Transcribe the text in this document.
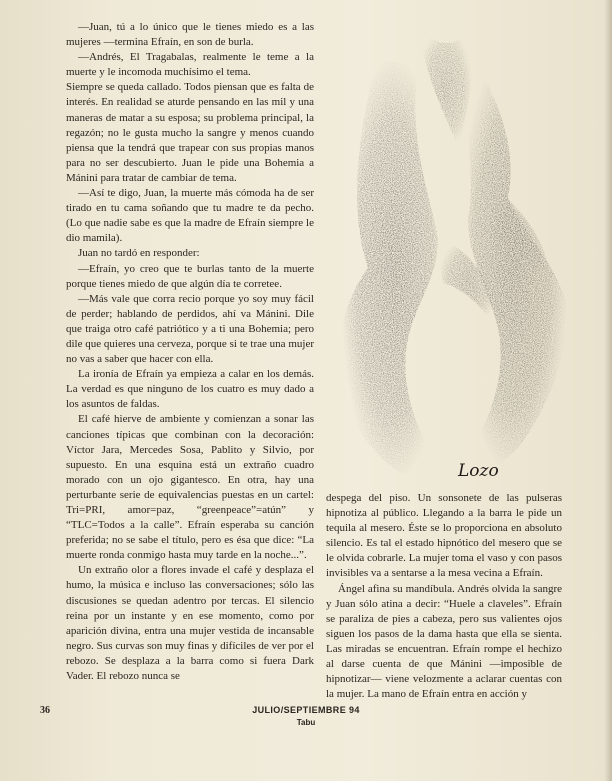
—Juan, tú a lo único que le tienes miedo es a las mujeres —termina Efraín, en son de burla.

—Andrés, El Tragabalas, realmente le teme a la muerte y le incomoda muchísimo el tema.

Siempre se queda callado. Todos piensan que es falta de interés. En realidad se aturde pensando en las mil y una maneras de matar a su esposa; su problema principal, la regazón; no le gusta mucho la sangre y menos cuando piensa que la tendrá que trapear con sus propias manos para no ser descubierto. Juan le pide una Bohemia a Mánini para tratar de cambiar de tema.

—Así te digo, Juan, la muerte más cómoda ha de ser tirado en tu cama soñando que tu madre te da pecho. (Lo que nadie sabe es que la madre de Efraín siempre le dio mamila).

Juan no tardó en responder:

—Efraín, yo creo que te burlas tanto de la muerte porque tienes miedo de que algún día te corretee.

—Más vale que corra recio porque yo soy muy fácil de perder; hablando de perdidos, ahí va Mánini. Dile que traiga otro café patriótico y a ti una Bohemia; pero dile que quieres una cerveza, porque si te trae una mujer no vas a saber que hacer con ella.

La ironía de Efraín ya empieza a calar en los demás. La verdad es que ninguno de los cuatro es muy dado a los asuntos de faldas.

El café hierve de ambiente y comienzan a sonar las canciones típicas que combinan con la decoración: Víctor Jara, Mercedes Sosa, Pablito y Silvio, por supuesto. En una esquina está un extraño cuadro morado con un ojo gigantesco. En otra, hay una perturbante serie de equivalencias puestas en un cartel: Tri=PRI, amor=paz, “greenpeace”=atún” y “TLC=Todos a la calle”. Efraín esperaba su canción preferida; no se sabe el título, pero es ésa que dice: “La muerte ronda conmigo hasta muy tarde en la noche...”.

Un extraño olor a flores invade el café y desplaza el humo, la música e incluso las conversaciones; sólo las discusiones se quedan adentro por tercas. El silencio reina por un instante y en ese momento, como por aparición divina, entra una mujer vestida de incansable negro. Sus curvas son muy finas y difíciles de ver por el rebozo. Se desplaza a la barra como si fuera Dark Vader. El rebozo nunca se

Lozo

despega del piso. Un sonsonete de las pulseras hipnotiza al público. Llegando a la barra le pide un tequila al mesero. Éste se lo proporciona en absoluto silencio. Es tal el estado hipnótico del mesero que se le olvida cobrarle. La mujer toma el vaso y con pasos invisibles va a sentarse a la mesa vecina a Efraín.

Ángel afina su mandíbula. Andrés olvida la sangre y Juan sólo atina a decir: “Huele a claveles”. Efraín se paraliza de pies a cabeza, pero sus valientes ojos siguen los pasos de la dama hasta que ella se sienta. Las miradas se encuentran. Efraín rompe el hechizo al darse cuenta de que Mánini —imposible de hipnotizar— viene velozmente a aclarar cuentas con la mujer. La mano de Efraín entra en acción y

36	JULIO/SEPTIEMBRE 94
Tabu
